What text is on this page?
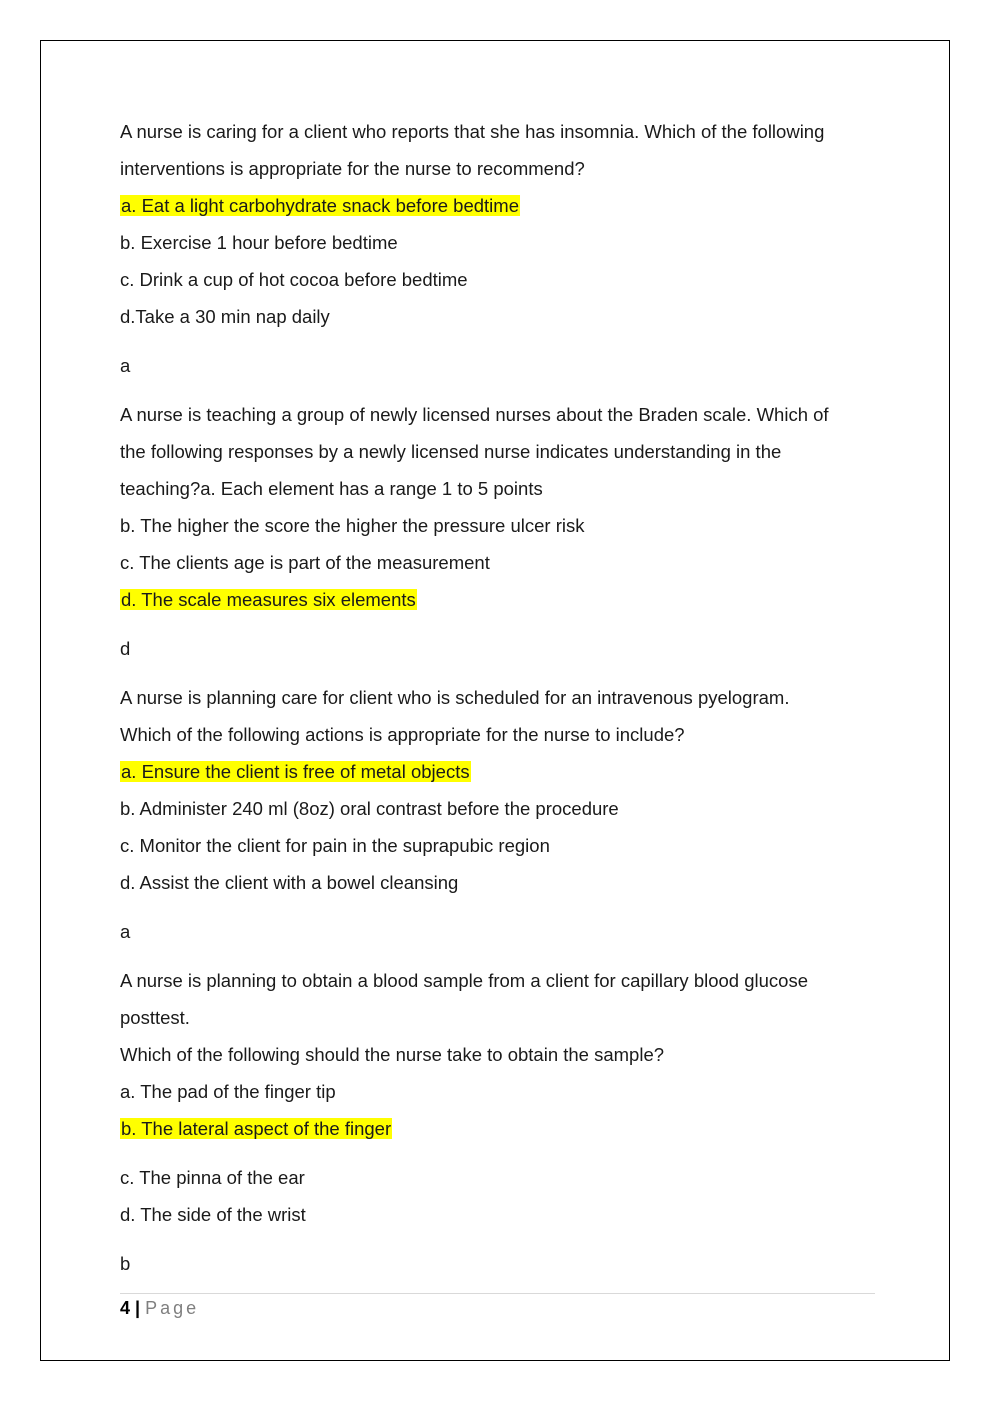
A nurse is caring for a client who reports that she has insomnia. Which of the following
interventions is appropriate for the nurse to recommend?
a. Eat a light carbohydrate snack before bedtime
b. Exercise 1 hour before bedtime
c. Drink a cup of hot cocoa before bedtime
d.Take a 30 min nap daily
a
A nurse is teaching a group of newly licensed nurses about the Braden scale. Which of
the following responses by a newly licensed nurse indicates understanding in the
teaching?a. Each element has a range 1 to 5 points
b. The higher the score the higher the pressure ulcer risk
c. The clients age is part of the measurement
d. The scale measures six elements
d
A nurse is planning care for client who is scheduled for an intravenous pyelogram.
Which of the following actions is appropriate for the nurse to include?
a. Ensure the client is free of metal objects
b. Administer 240 ml (8oz) oral contrast before the procedure
c. Monitor the client for pain in the suprapubic region
d. Assist the client with a bowel cleansing
a
A nurse is planning to obtain a blood sample from a client for capillary blood glucose
posttest.
Which of the following should the nurse take to obtain the sample?
a. The pad of the finger tip
b. The lateral aspect of the finger
c. The pinna of the ear
d. The side of the wrist
b
4 | Page
